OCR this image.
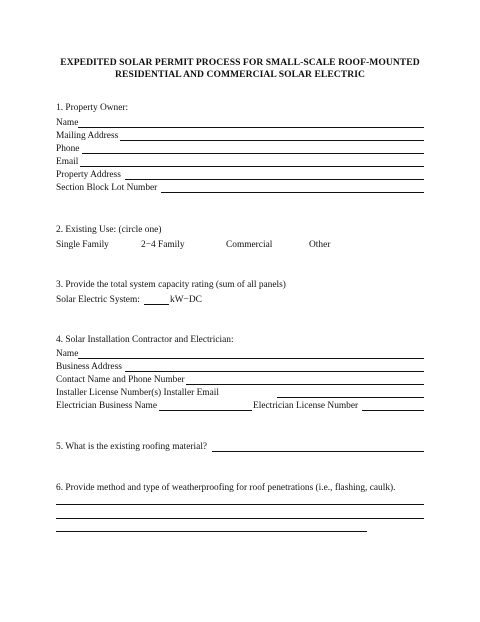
EXPEDITED SOLAR PERMIT PROCESS FOR SMALL-SCALE ROOF-MOUNTED
RESIDENTIAL AND COMMERCIAL SOLAR ELECTRIC
1. Property Owner:
Name
Mailing Address
Phone
Email
Property Address
Section Block Lot Number
2. Existing Use: (circle one)
Single Family	2−4 Family	Commercial	Other
3. Provide the total system capacity rating (sum of all panels)
Solar Electric System:	kW−DC
4. Solar Installation Contractor and Electrician:
Name
Business Address
Contact Name and Phone Number
Installer License Number(s) Installer Email
Electrician Business Name	Electrician License Number
5. What is the existing roofing material?
6. Provide method and type of weatherproofing for roof penetrations (i.e., flashing, caulk).
